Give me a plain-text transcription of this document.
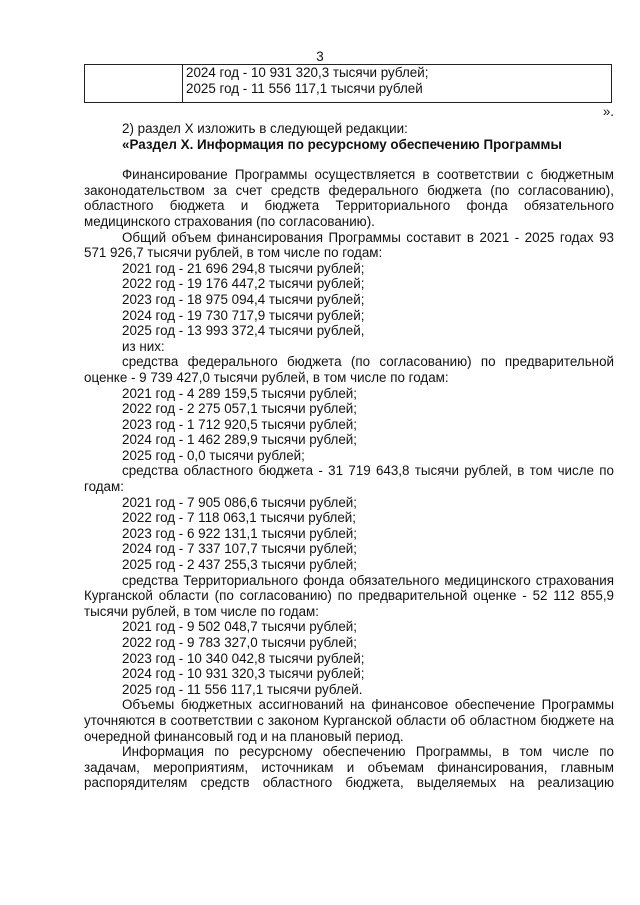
3

2024 год - 10 931 320,3 тысячи рублей;
2025 год - 11 556 117,1 тысячи рублей
».

2) раздел X изложить в следующей редакции:

«Раздел X. Информация по ресурсному обеспечению Программы

Финансирование Программы осуществляется в соответствии с бюджетным законодательством за счет средств федерального бюджета (по согласованию), областного бюджета и бюджета Территориального фонда обязательного медицинского страхования (по согласованию).

Общий объем финансирования Программы составит в 2021 - 2025 годах 93 571 926,7 тысячи рублей, в том числе по годам:

2021 год - 21 696 294,8 тысячи рублей;

2022 год - 19 176 447,2 тысячи рублей;

2023 год - 18 975 094,4 тысячи рублей;

2024 год - 19 730 717,9 тысячи рублей;

2025 год - 13 993 372,4 тысячи рублей,

из них:

средства федерального бюджета (по согласованию) по предварительной оценке - 9 739 427,0 тысячи рублей, в том числе по годам:

2021 год - 4 289 159,5 тысячи рублей;

2022 год - 2 275 057,1 тысячи рублей;

2023 год - 1 712 920,5 тысячи рублей;

2024 год - 1 462 289,9 тысячи рублей;

2025 год - 0,0 тысячи рублей;

средства областного бюджета - 31 719 643,8 тысячи рублей, в том числе по годам:

2021 год - 7 905 086,6 тысячи рублей;

2022 год - 7 118 063,1 тысячи рублей;

2023 год - 6 922 131,1 тысячи рублей;

2024 год - 7 337 107,7 тысячи рублей;

2025 год - 2 437 255,3 тысячи рублей;

средства Территориального фонда обязательного медицинского страхования Курганской области (по согласованию) по предварительной оценке - 52 112 855,9 тысячи рублей, в том числе по годам:

2021 год - 9 502 048,7 тысячи рублей;

2022 год - 9 783 327,0 тысячи рублей;

2023 год - 10 340 042,8 тысячи рублей;

2024 год - 10 931 320,3 тысячи рублей;

2025 год - 11 556 117,1 тысячи рублей.

Объемы бюджетных ассигнований на финансовое обеспечение Программы уточняются в соответствии с законом Курганской области об областном бюджете на очередной финансовый год и на плановый период.

Информация по ресурсному обеспечению Программы, в том числе по

задачам, мероприятиям, источникам и объемам финансирования, главным

распорядителям средств областного бюджета, выделяемых на реализацию
